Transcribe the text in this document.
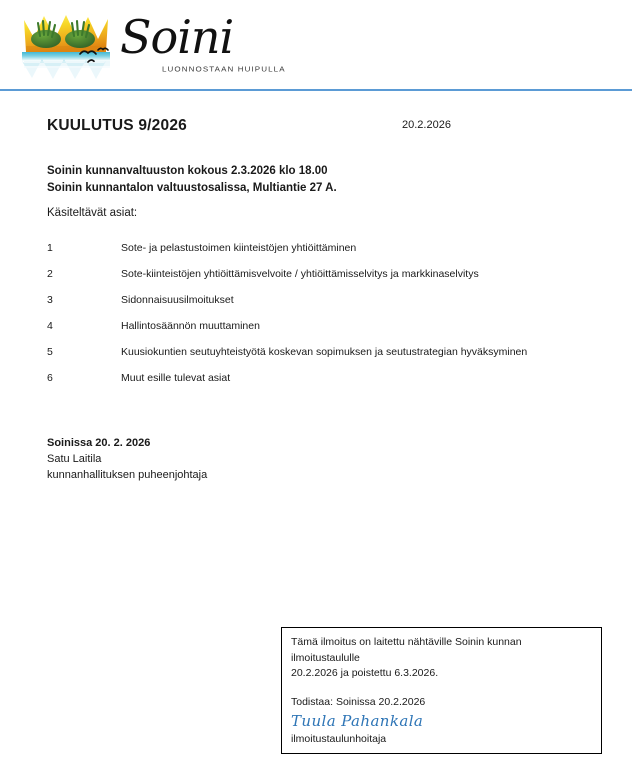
Soini
LUONNOSTAAN HUIPULLA
KUULUTUS 9/2026	20.2.2026
Soinin kunnanvaltuuston kokous 2.3.2026 klo 18.00
Soinin kunnantalon valtuustosalissa, Multiantie 27 A.
Käsiteltävät asiat:
1	Sote- ja pelastustoimen kiinteistöjen yhtiöittäminen
2	Sote-kiinteistöjen yhtiöittämisvelvoite / yhtiöittämisselvitys ja markkinaselvitys
3	Sidonnaisuusilmoitukset
4	Hallintosäännön muuttaminen
5	Kuusiokuntien seutuyhteistyötä koskevan sopimuksen ja seutustrategian hyväksyminen
6	Muut esille tulevat asiat
Soinissa 20. 2. 2026
Satu Laitila
kunnanhallituksen puheenjohtaja
Tämä ilmoitus on laitettu nähtäville Soinin kunnan
ilmoitustaululle
20.2.2026 ja poistettu 6.3.2026.
Todistaa: Soinissa 20.2.2026
Tuula Pahankala
ilmoitustaulunhoitaja
